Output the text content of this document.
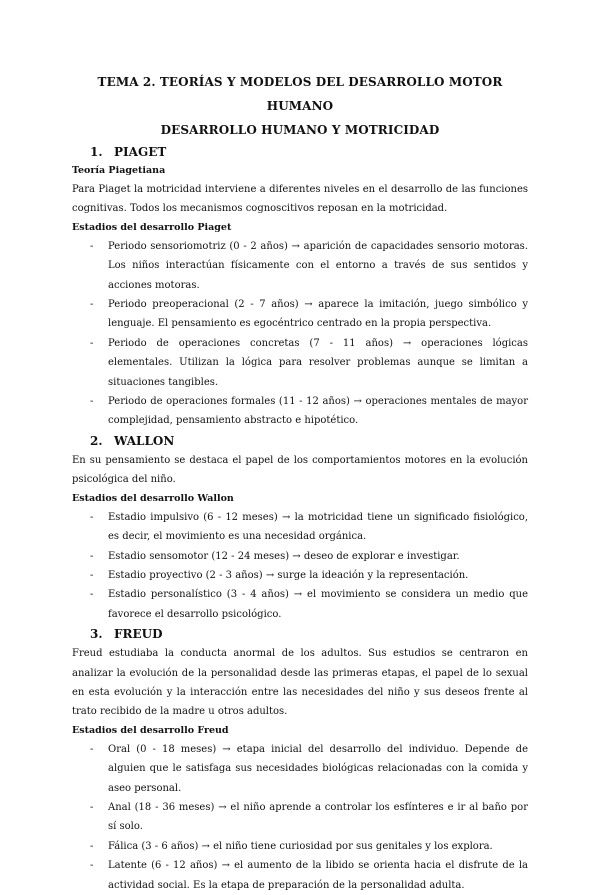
TEMA 2. TEORÍAS Y MODELOS DEL DESARROLLO MOTOR HUMANO
DESARROLLO HUMANO Y MOTRICIDAD
1. PIAGET
Teoría Piagetiana

Para Piaget la motricidad interviene a diferentes niveles en el desarrollo de las funciones cognitivas. Todos los mecanismos cognoscitivos reposan en la motricidad.

Estadios del desarrollo Piaget
- Periodo sensoriomotriz (0 - 2 años) → aparición de capacidades sensorio motoras. Los niños interactúan físicamente con el entorno a través de sus sentidos y acciones motoras.
- Periodo preoperacional (2 - 7 años) → aparece la imitación, juego simbólico y lenguaje. El pensamiento es egocéntrico centrado en la propia perspectiva.
- Periodo de operaciones concretas (7 - 11 años) → operaciones lógicas elementales. Utilizan la lógica para resolver problemas aunque se limitan a situaciones tangibles.
- Periodo de operaciones formales (11 - 12 años) → operaciones mentales de mayor complejidad, pensamiento abstracto e hipotético.
2. WALLON

En su pensamiento se destaca el papel de los comportamientos motores en la evolución psicológica del niño.

Estadios del desarrollo Wallon
- Estadio impulsivo (6 - 12 meses) → la motricidad tiene un significado fisiológico, es decir, el movimiento es una necesidad orgánica.
- Estadio sensomotor (12 - 24 meses) → deseo de explorar e investigar.
- Estadio proyectivo (2 - 3 años) → surge la ideación y la representación.
- Estadio personalístico (3 - 4 años) → el movimiento se considera un medio que favorece el desarrollo psicológico.
3. FREUD

Freud estudiaba la conducta anormal de los adultos. Sus estudios se centraron en analizar la evolución de la personalidad desde las primeras etapas, el papel de lo sexual en esta evolución y la interacción entre las necesidades del niño y sus deseos frente al trato recibido de la madre u otros adultos.

Estadios del desarrollo Freud
- Oral (0 - 18 meses) → etapa inicial del desarrollo del individuo. Depende de alguien que le satisfaga sus necesidades biológicas relacionadas con la comida y aseo personal.
- Anal (18 - 36 meses) → el niño aprende a controlar los esfínteres e ir al baño por sí solo.
- Fálica (3 - 6 años) → el niño tiene curiosidad por sus genitales y los explora.
- Latente (6 - 12 años) → el aumento de la libido se orienta hacia el disfrute de la actividad social. Es la etapa de preparación de la personalidad adulta.
